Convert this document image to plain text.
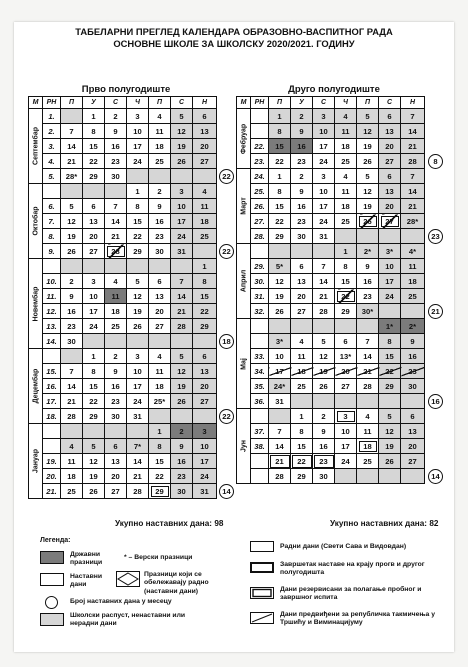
ТАБЕЛАРНИ ПРЕГЛЕД КАЛЕНДАРА ОБРАЗОВНО-ВАСПИТНОГ РАДА
ОСНОВНЕ ШКОЛЕ ЗА ШКОЛСКУ 2020/2021. ГОДИНУ
Прво полугодиште	Друго полугодиште
М	РН	П	У	С	Ч	П	С	Н

Септембар	1.		1	2	3	4	5	6
	2.	7	8	9	10	11	12	13
	3.	14	15	16	17	18	19	20
	4.	21	22	23	24	25	26	27
	5.	28*	29	30				

Октобар					1	2	3	4
	6.	5	6	7	8	9	10	11
	7.	12	13	14	15	16	17	18
	8.	19	20	21	22	23	24	25
	9.	26	27	28	29	30	31	

Новембар								1
	10.	2	3	4	5	6	7	8
	11.	9	10	11	12	13	14	15
	12.	16	17	18	19	20	21	22
	13.	23	24	25	26	27	28	29
	14.	30						

Децембар			1	2	3	4	5	6
	15.	7	8	9	10	11	12	13
	16.	14	15	16	17	18	19	20
	17.	21	22	23	24	25*	26	27
	18.	28	29	30	31			

Јануар						1	2	3
		4	5	6	7*	8	9	10
	19.	11	12	13	14	15	16	17
	20.	18	19	20	21	22	23	24
	21.	25	26	27	28	29	30	31
М	РН	П	У	С	Ч	П	С	Н

Фебруар		1	2	3	4	5	6	7
		8	9	10	11	12	13	14
	22.	15	16	17	18	19	20	21
	23.	22	23	24	25	26	27	28

Март	24.	1	2	3	4	5	6	7
	25.	8	9	10	11	12	13	14
	26.	15	16	17	18	19	20	21
	27.	22	23	24	25	26	27	28*
	28.	29	30	31				

Април					1	2*	3*	4*
	29.	5*	6	7	8	9	10	11
	30.	12	13	14	15	16	17	18
	31.	19	20	21	22	23	24	25
	32.	26	27	28	29	30*		

Мај							1*	2*
		3*	4	5	6	7	8	9
	33.	10	11	12	13*	14	15	16
	34.	17	18	19	20	21	22	23
	35.	24*	25	26	27	28	29	30
	36.	31						

Јун			1	2	3	4	5	6
	37.	7	8	9	10	11	12	13
	38.	14	15	16	17	18	19	20
		21	22	23	24	25	26	27
		28	29	30				
Укупно наставних дана: 98	Укупно наставних дана: 82
Легенда:
Државни празници
* – Верски празници
Наставни дани
Празници који се обележавају радно (наставни дани)
Број наставних дана у месецу
Школски распуст, ненаставни или нерадни дани
Радни дани (Свети Сава и Видовдан)
Завршетак наставе на крају прогв и другог полугодишта
Дани резервисани за полагање пробног и завршног испита
Дани предвиђени за републичка такмичења у Тршићу и Виминацијуму
22
22
18
22
14
8
23
21
16
14
